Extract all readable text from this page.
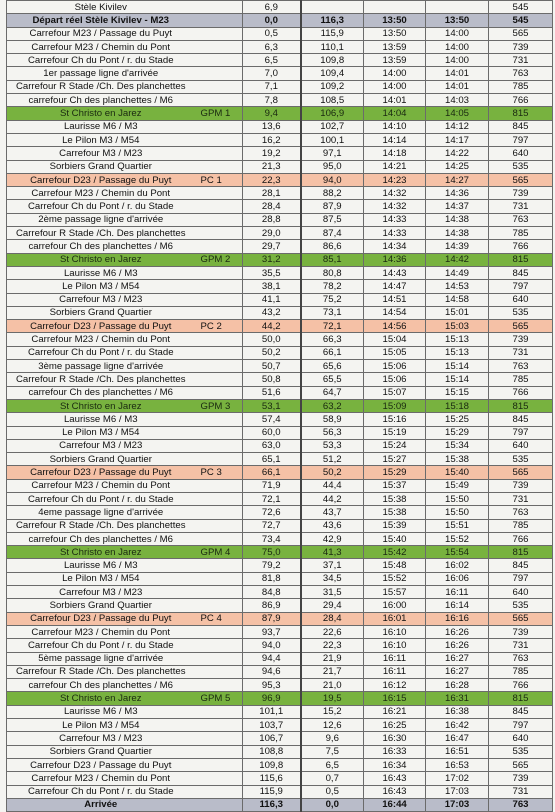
Stèle Kivilev		6,9				545
Départ réel Stèle Kivilev - M23		0,0	116,3	13:50	13:50	545
Carrefour M23 / Passage du Puyt		0,5	115,9	13:50	14:00	565
Carrefour M23 / Chemin du Pont		6,3	110,1	13:59	14:00	739
Carrefour Ch du Pont / r. du Stade		6,5	109,8	13:59	14:00	731
1er passage ligne d'arrivée		7,0	109,4	14:00	14:01	763
Carrefour R Stade /Ch. Des planchettes		7,1	109,2	14:00	14:01	785
carrefour Ch des planchettes / M6		7,8	108,5	14:01	14:03	766
St Christo en Jarez	GPM 1	9,4	106,9	14:04	14:05	815
Laurisse M6 / M3		13,6	102,7	14:10	14:12	845
Le Pilon M3 / M54		16,2	100,1	14:14	14:17	797
Carrefour M3 / M23		19,2	97,1	14:18	14:22	640
Sorbiers Grand Quartier		21,3	95,0	14:21	14:25	535
Carrefour D23 / Passage du Puyt	PC 1	22,3	94,0	14:23	14:27	565
Carrefour M23 / Chemin du Pont		28,1	88,2	14:32	14:36	739
Carrefour Ch du Pont / r. du Stade		28,4	87,9	14:32	14:37	731
2ème passage ligne d'arrivée		28,8	87,5	14:33	14:38	763
Carrefour R Stade /Ch. Des planchettes		29,0	87,4	14:33	14:38	785
carrefour Ch des planchettes / M6		29,7	86,6	14:34	14:39	766
St Christo en Jarez	GPM 2	31,2	85,1	14:36	14:42	815
Laurisse M6 / M3		35,5	80,8	14:43	14:49	845
Le Pilon M3 / M54		38,1	78,2	14:47	14:53	797
Carrefour M3 / M23		41,1	75,2	14:51	14:58	640
Sorbiers Grand Quartier		43,2	73,1	14:54	15:01	535
Carrefour D23 / Passage du Puyt	PC 2	44,2	72,1	14:56	15:03	565
Carrefour M23 / Chemin du Pont		50,0	66,3	15:04	15:13	739
Carrefour Ch du Pont / r. du Stade		50,2	66,1	15:05	15:13	731
3ème passage ligne d'arrivée		50,7	65,6	15:06	15:14	763
Carrefour R Stade /Ch. Des planchettes		50,8	65,5	15:06	15:14	785
carrefour Ch des planchettes / M6		51,6	64,7	15:07	15:15	766
St Christo en Jarez	GPM 3	53,1	63,2	15:09	15:18	815
Laurisse M6 / M3		57,4	58,9	15:16	15:25	845
Le Pilon M3 / M54		60,0	56,3	15:19	15:29	797
Carrefour M3 / M23		63,0	53,3	15:24	15:34	640
Sorbiers Grand Quartier		65,1	51,2	15:27	15:38	535
Carrefour D23 / Passage du Puyt	PC 3	66,1	50,2	15:29	15:40	565
Carrefour M23 / Chemin du Pont		71,9	44,4	15:37	15:49	739
Carrefour Ch du Pont / r. du Stade		72,1	44,2	15:38	15:50	731
4eme passage ligne d'arrivée		72,6	43,7	15:38	15:50	763
Carrefour R Stade /Ch. Des planchettes		72,7	43,6	15:39	15:51	785
carrefour Ch des planchettes / M6		73,4	42,9	15:40	15:52	766
St Christo en Jarez	GPM 4	75,0	41,3	15:42	15:54	815
Laurisse M6 / M3		79,2	37,1	15:48	16:02	845
Le Pilon M3 / M54		81,8	34,5	15:52	16:06	797
Carrefour M3 / M23		84,8	31,5	15:57	16:11	640
Sorbiers Grand Quartier		86,9	29,4	16:00	16:14	535
Carrefour D23 / Passage du Puyt	PC 4	87,9	28,4	16:01	16:16	565
Carrefour M23 / Chemin du Pont		93,7	22,6	16:10	16:26	739
Carrefour Ch du Pont / r. du Stade		94,0	22,3	16:10	16:26	731
5ème passage ligne d'arrivée		94,4	21,9	16:11	16:27	763
Carrefour R Stade /Ch. Des planchettes		94,6	21,7	16:11	16:27	785
carrefour Ch des planchettes / M6		95,3	21,0	16:12	16:28	766
St Christo en Jarez	GPM 5	96,9	19,5	16:15	16:31	815
Laurisse M6 / M3		101,1	15,2	16:21	16:38	845
Le Pilon M3 / M54		103,7	12,6	16:25	16:42	797
Carrefour M3 / M23		106,7	9,6	16:30	16:47	640
Sorbiers Grand Quartier		108,8	7,5	16:33	16:51	535
Carrefour D23 / Passage du Puyt		109,8	6,5	16:34	16:53	565
Carrefour M23 / Chemin du Pont		115,6	0,7	16:43	17:02	739
Carrefour Ch du Pont / r. du Stade		115,9	0,5	16:43	17:03	731
Arrivée		116,3	0,0	16:44	17:03	763
